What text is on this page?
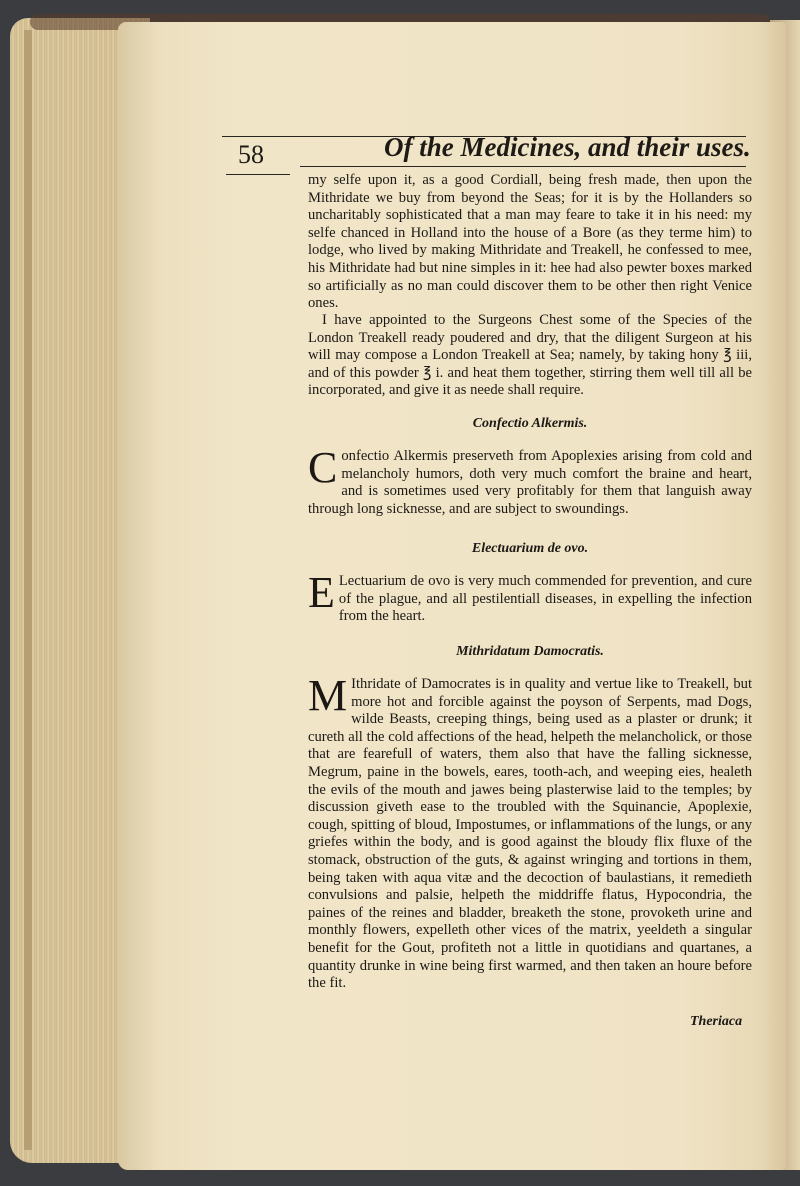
58	Of the Medicines, and their uses.

my selfe upon it, as a good Cordiall, being fresh made, then upon the Mithridate we buy from beyond the Seas; for it is by the Hollanders so uncharitably sophisticated that a man may feare to take it in his need: my selfe chanced in Holland into the house of a Bore (as they terme him) to lodge, who lived by making Mithridate and Treakell, he confessed to mee, his Mithridate had but nine simples in it: hee had also pewter boxes marked so artificially as no man could discover them to be other then right Venice ones.

I have appointed to the Surgeons Chest some of the Species of the London Treakell ready poudered and dry, that the diligent Surgeon at his will may compose a London Treakell at Sea; namely, by taking hony ℥ iii, and of this powder ℥ i. and heat them together, stirring them well till all be incorporated, and give it as neede shall require.

Confectio Alkermis.

Confectio Alkermis preserveth from Apoplexies arising from cold and melancholy humors, doth very much comfort the braine and heart, and is sometimes used very profitably for them that languish away through long sicknesse, and are subject to swoundings.

Electuarium de ovo.

E Lectuarium de ovo is very much commended for prevention, and cure of the plague, and all pestilentiall diseases, in expelling the infection from the heart.

Mithridatum Damocratis.

M Ithridate of Damocrates is in quality and vertue like to Treakell, but more hot and forcible against the poyson of Serpents, mad Dogs, wilde Beasts, creeping things, being used as a plaster or drunk; it cureth all the cold affections of the head, helpeth the melancholick, or those that are fearefull of waters, them also that have the falling sicknesse, Megrum, paine in the bowels, eares, tooth-ach, and weeping eies, healeth the evils of the mouth and jawes being plasterwise laid to the temples; by discussion giveth ease to the troubled with the Squinancie, Apoplexie, cough, spitting of bloud, Impostumes, or inflammations of the lungs, or any griefes within the body, and is good against the bloudy flix fluxe of the stomack, obstruction of the guts, & against wringing and tortions in them, being taken with aqua vitæ and the decoction of baulastians, it remedieth convulsions and palsie, helpeth the middriffe flatus, Hypocondria, the paines of the reines and bladder, breaketh the stone, provoketh urine and monthly flowers, expelleth other vices of the matrix, yeeldeth a singular benefit for the Gout, profiteth not a little in quotidians and quartanes, a quantity drunke in wine being first warmed, and then taken an houre before the fit.

Theriaca
